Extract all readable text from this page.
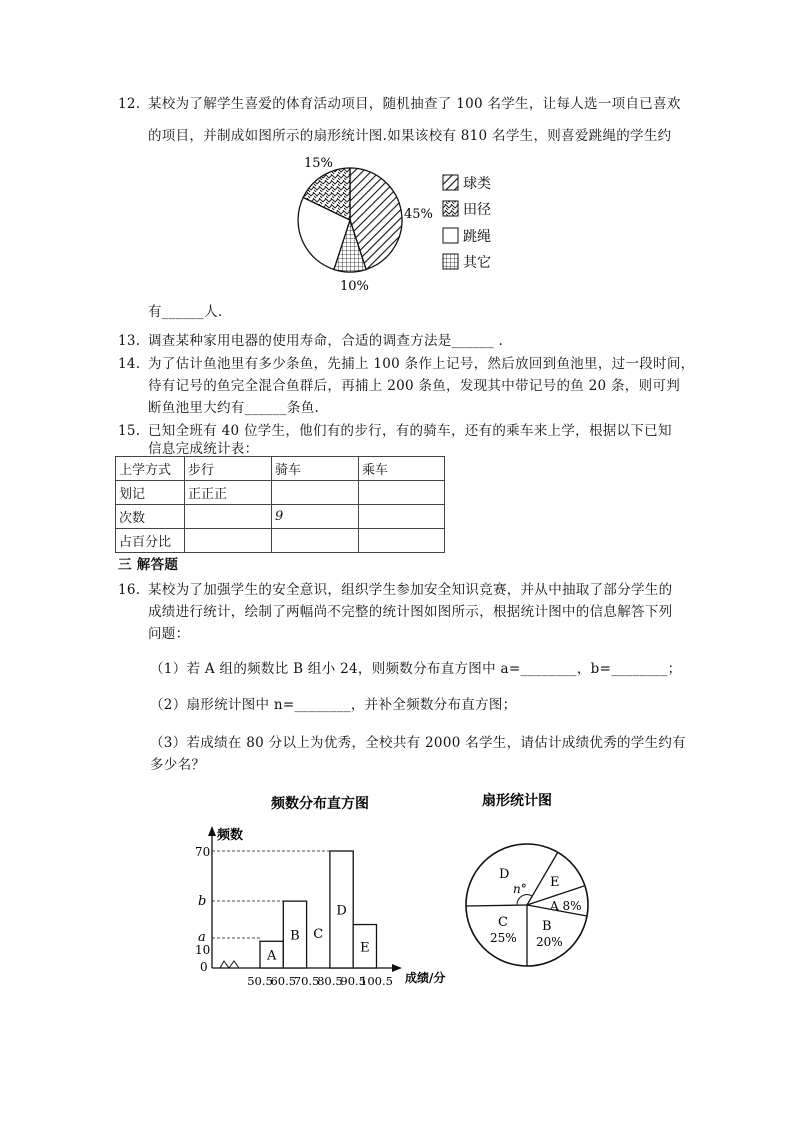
12. 某校为了解学生喜爱的体育活动项目，随机抽查了 100 名学生，让每人选一项自已喜欢
的项目，并制成如图所示的扇形统计图.如果该校有 810 名学生，则喜爱跳绳的学生约
15%
45%
10%
球类
田径
跳绳
其它
有______人.
13. 调查某种家用电器的使用寿命，合适的调查方法是______ .
14. 为了估计鱼池里有多少条鱼，先捕上 100 条作上记号，然后放回到鱼池里，过一段时间，
待有记号的鱼完全混合鱼群后，再捕上 200 条鱼，发现其中带记号的鱼 20 条，则可判
断鱼池里大约有______条鱼.
15. 已知全班有 40 位学生，他们有的步行，有的骑车，还有的乘车来上学，根据以下已知
信息完成统计表：
上学方式	步行	骑车	乘车
划记	正正正		
次数		9	
占百分比			
三 解答题
16. 某校为了加强学生的安全意识，组织学生参加安全知识竞赛，并从中抽取了部分学生的
成绩进行统计，绘制了两幅尚不完整的统计图如图所示，根据统计图中的信息解答下列
问题：
（1）若 A 组的频数比 B 组小 24，则频数分布直方图中 a=________，b=________；
（2）扇形统计图中 n=________，并补全频数分布直方图；
（3）若成绩在 80 分以上为优秀，全校共有 2000 名学生，请估计成绩优秀的学生约有
多少名？
频数分布直方图
频数
成绩/分
70
b
a
10
0
A
B C
D
E
50.5
60.5
70.5
80.5
90.5
100.5
扇形统计图
D
n° E
A 8%
C
25%
B
20%
